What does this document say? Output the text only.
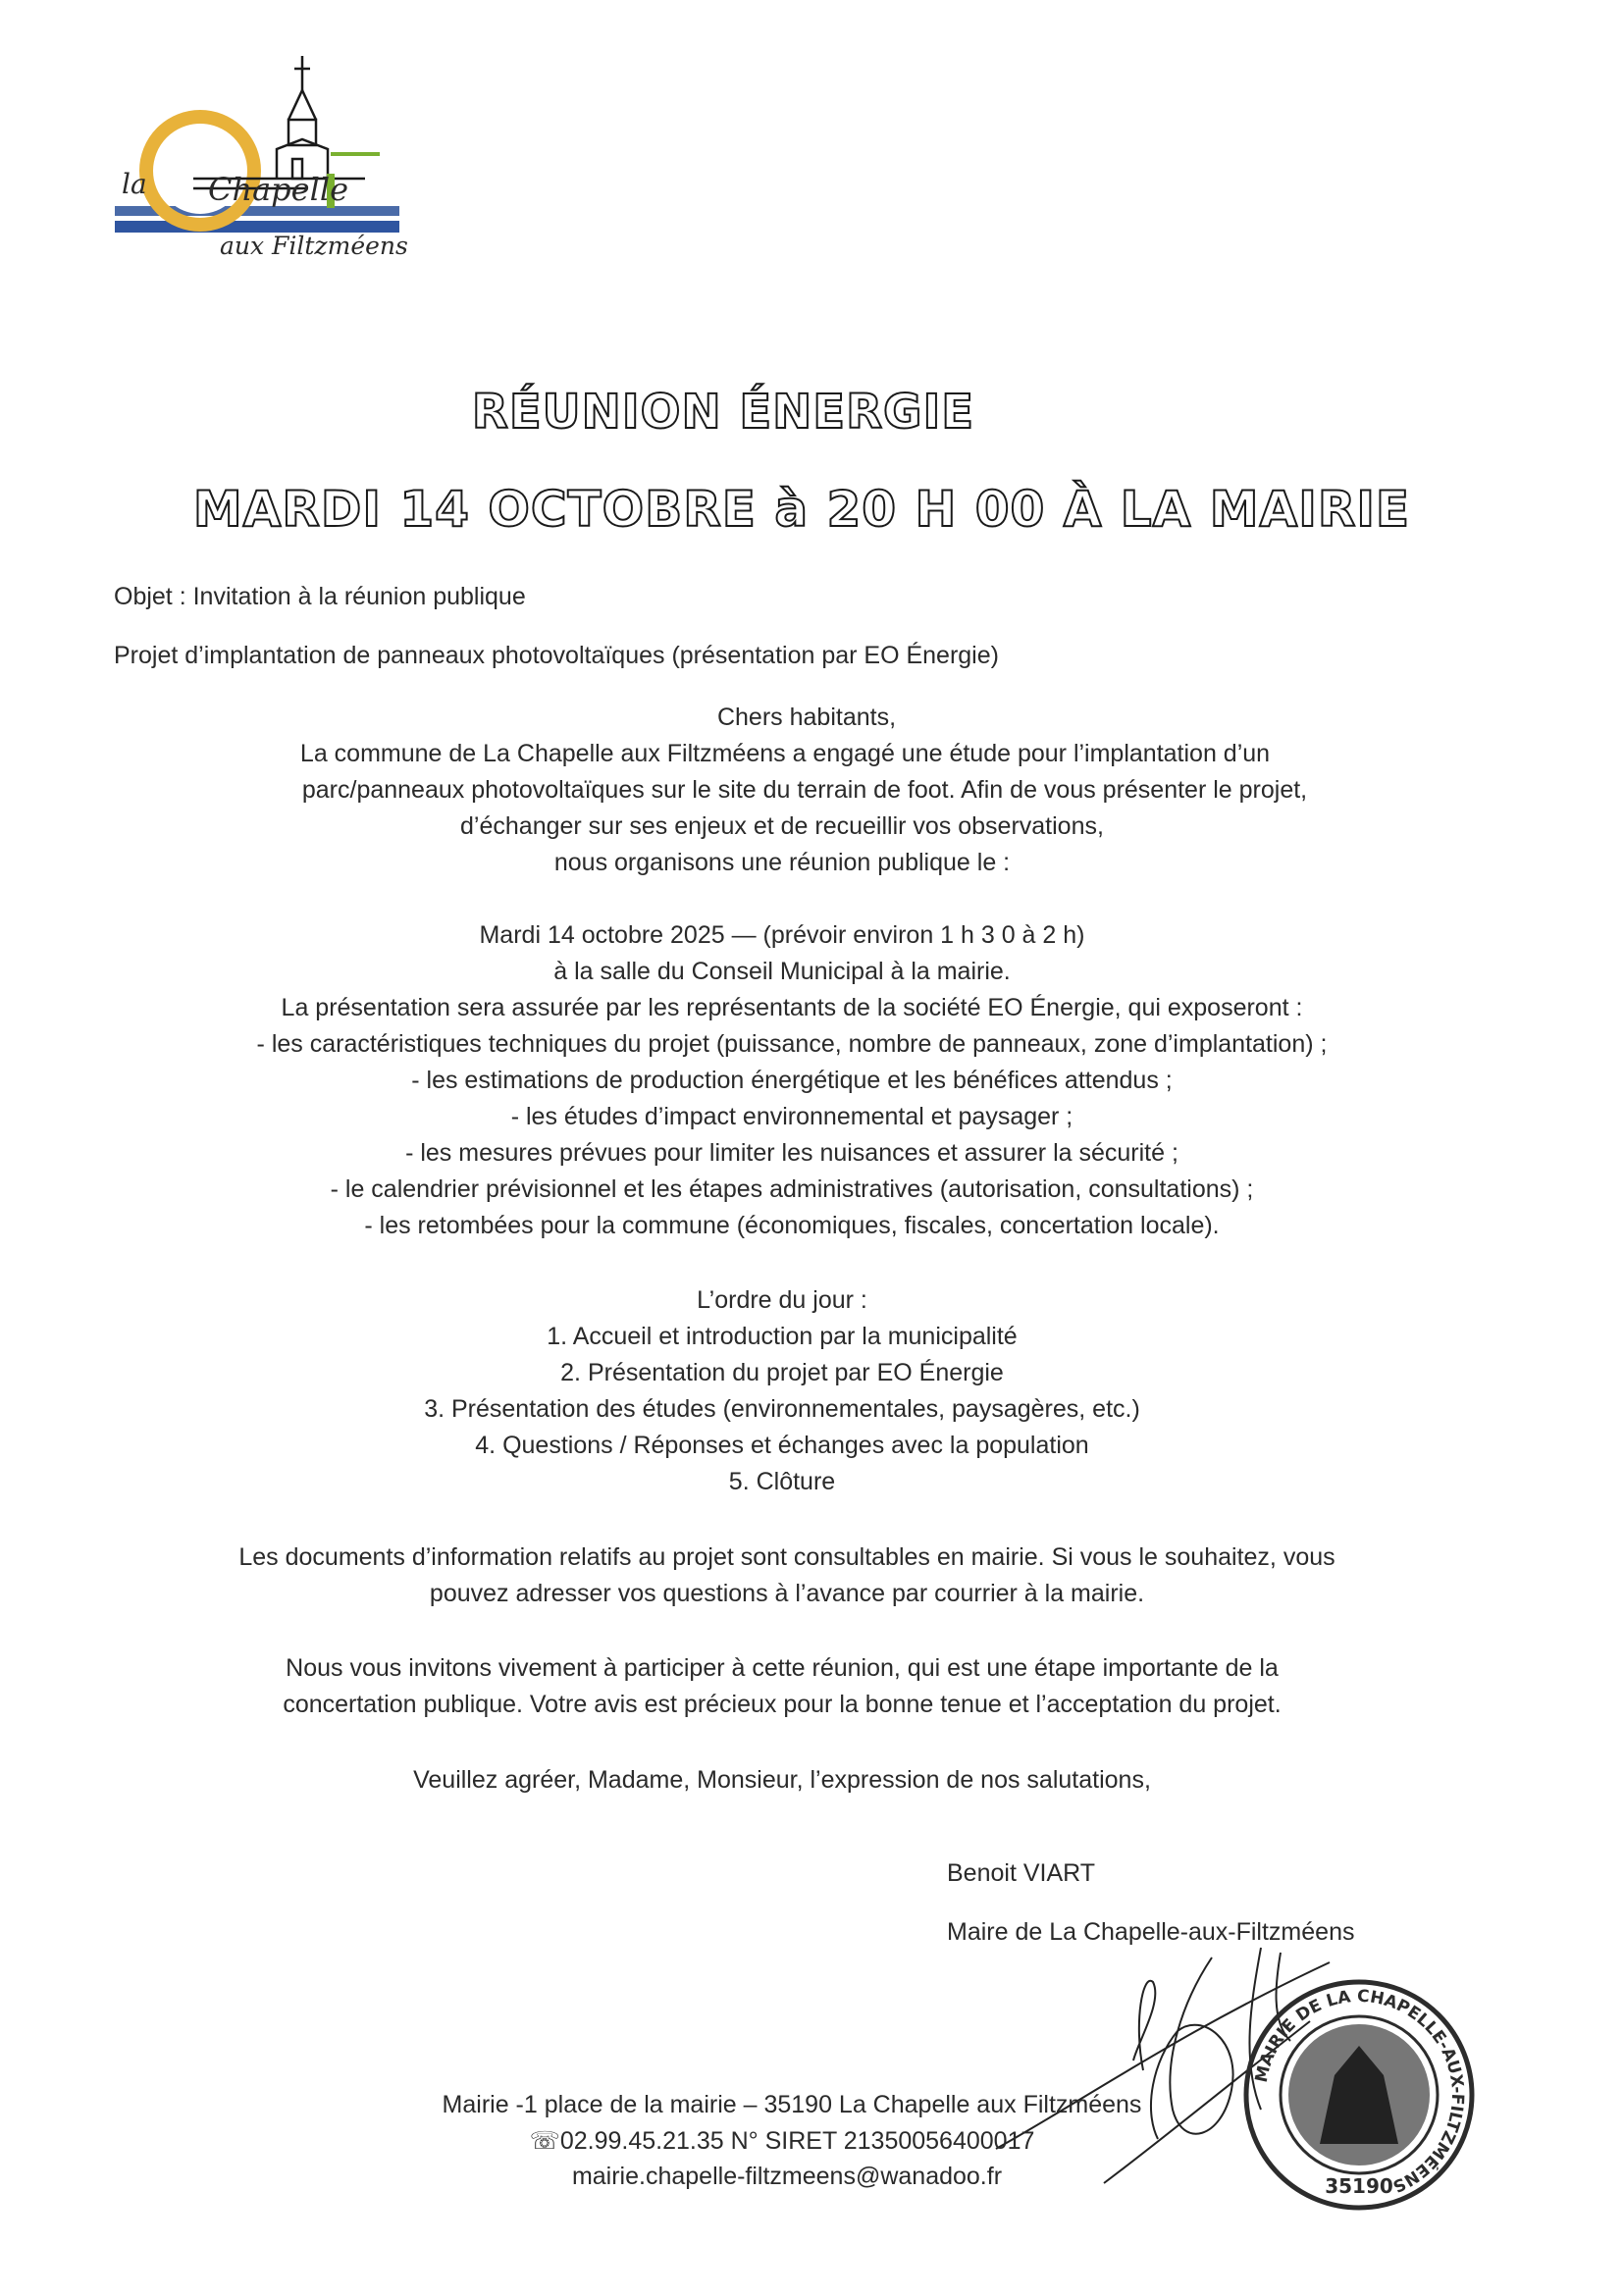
la Chapelle
aux Filtzméens
RÉUNION ÉNERGIE
MARDI 14 OCTOBRE à 20 H 00 À LA MAIRIE
Objet : Invitation à la réunion publique
Projet d’implantation de panneaux photovoltaïques (présentation par EO Énergie)
Chers habitants,
La commune de La Chapelle aux Filtzméens a engagé une étude pour l’implantation d’un
parc/panneaux photovoltaïques sur le site du terrain de foot. Afin de vous présenter le projet,
d’échanger sur ses enjeux et de recueillir vos observations,
nous organisons une réunion publique le :
Mardi 14 octobre 2025 — (prévoir environ 1 h 3 0 à 2 h)
à la salle du Conseil Municipal à la mairie.
La présentation sera assurée par les représentants de la société EO Énergie, qui exposeront :
- les caractéristiques techniques du projet (puissance, nombre de panneaux, zone d’implantation) ;
- les estimations de production énergétique et les bénéfices attendus ;
- les études d’impact environnemental et paysager ;
- les mesures prévues pour limiter les nuisances et assurer la sécurité ;
- le calendrier prévisionnel et les étapes administratives (autorisation, consultations) ;
- les retombées pour la commune (économiques, fiscales, concertation locale).
L’ordre du jour :
1. Accueil et introduction par la municipalité
2. Présentation du projet par EO Énergie
3. Présentation des études (environnementales, paysagères, etc.)
4. Questions / Réponses et échanges avec la population
5. Clôture
Les documents d’information relatifs au projet sont consultables en mairie. Si vous le souhaitez, vous
pouvez adresser vos questions à l’avance par courrier à la mairie.
Nous vous invitons vivement à participer à cette réunion, qui est une étape importante de la
concertation publique. Votre avis est précieux pour la bonne tenue et l’acceptation du projet.
Veuillez agréer, Madame, Monsieur, l’expression de nos salutations,
Benoit VIART
Maire de La Chapelle-aux-Filtzméens
MAIRIE DE LA CHAPELLE-AUX-FILTZMÉENS
35190
Mairie -1 place de la mairie – 35190 La Chapelle aux Filtzméens
☏02.99.45.21.35 N° SIRET 21350056400017
mairie.chapelle-filtzmeens@wanadoo.fr
